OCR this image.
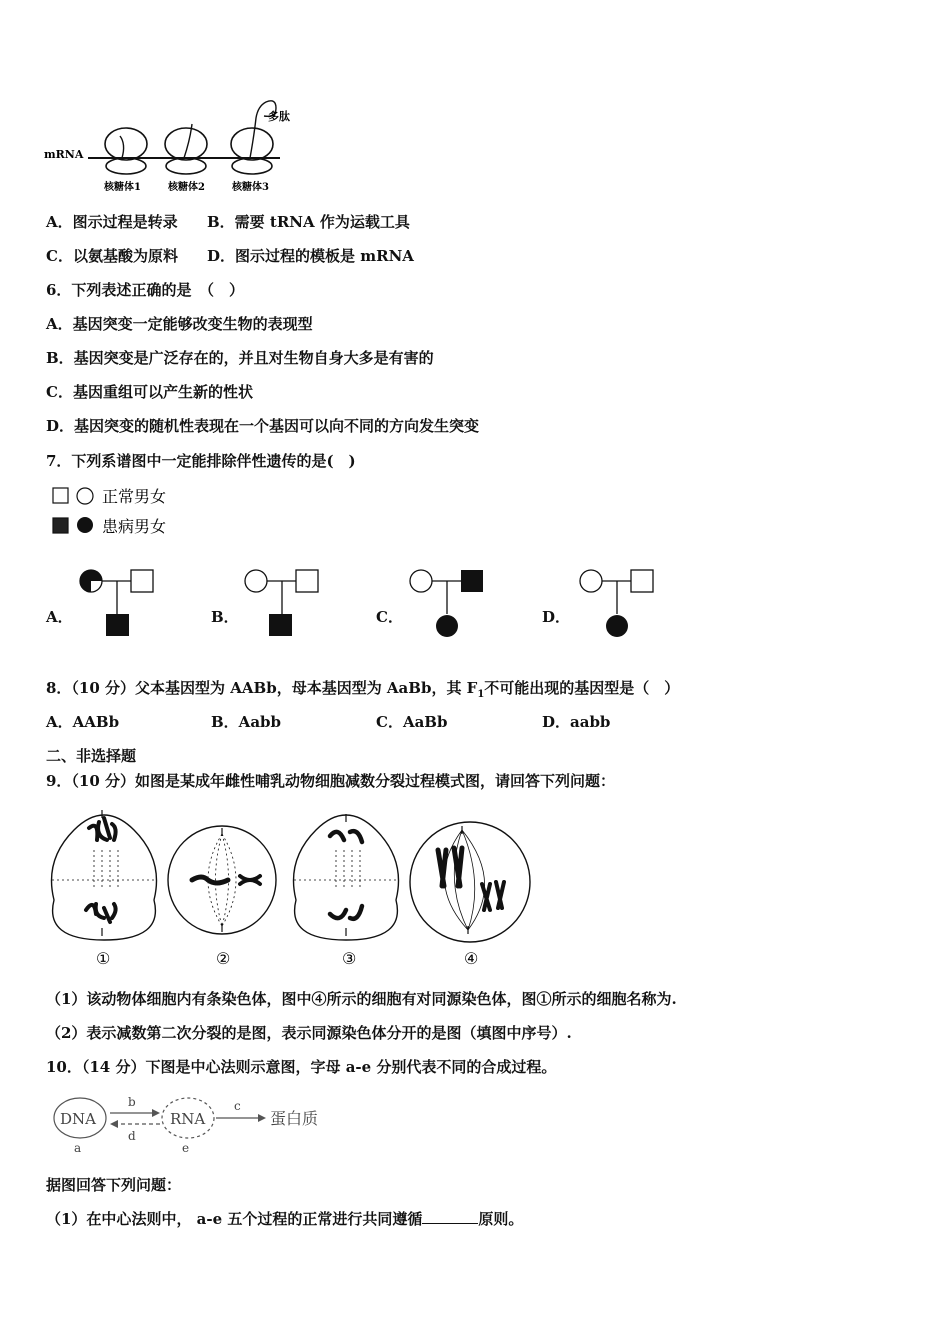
mRNA
多肽
核糖体1	核糖体2	核糖体3
A．图示过程是转录 B．需要 tRNA 作为运载工具
C．以氨基酸为原料 D．图示过程的模板是 mRNA
6．下列表述正确的是　（　）
A．基因突变一定能够改变生物的表现型
B．基因突变是广泛存在的，并且对生物自身大多是有害的
C．基因重组可以产生新的性状
D．基因突变的随机性表现在一个基因可以向不同的方向发生突变
7．下列系谱图中一定能排除伴性遗传的是(　)
正常男女
患病男女
A．	B．	C．	D．
8．（10 分）父本基因型为 AABb，母本基因型为 AaBb，其 $F_1$不可能出现的基因型是（　）
A．AABb	B．Aabb	C．AaBb	D．aabb
二、非选择题
9．（10 分）如图是某成年雌性哺乳动物细胞减数分裂过程模式图，请回答下列问题：
①	②	③	④
（1）该动物体细胞内有条染色体，图中④所示的细胞有对同源染色体，图①所示的细胞名称为.
（2）表示减数第二次分裂的是图，表示同源染色体分开的是图（填图中序号）.
10．（14 分）下图是中心法则示意图，字母 a-e 分别代表不同的合成过程。
DNA
a
b
d
RNA
e
c
蛋白质
据图回答下列问题：
（1）在中心法则中， a-e 五个过程的正常进行共同遵循	原则。
